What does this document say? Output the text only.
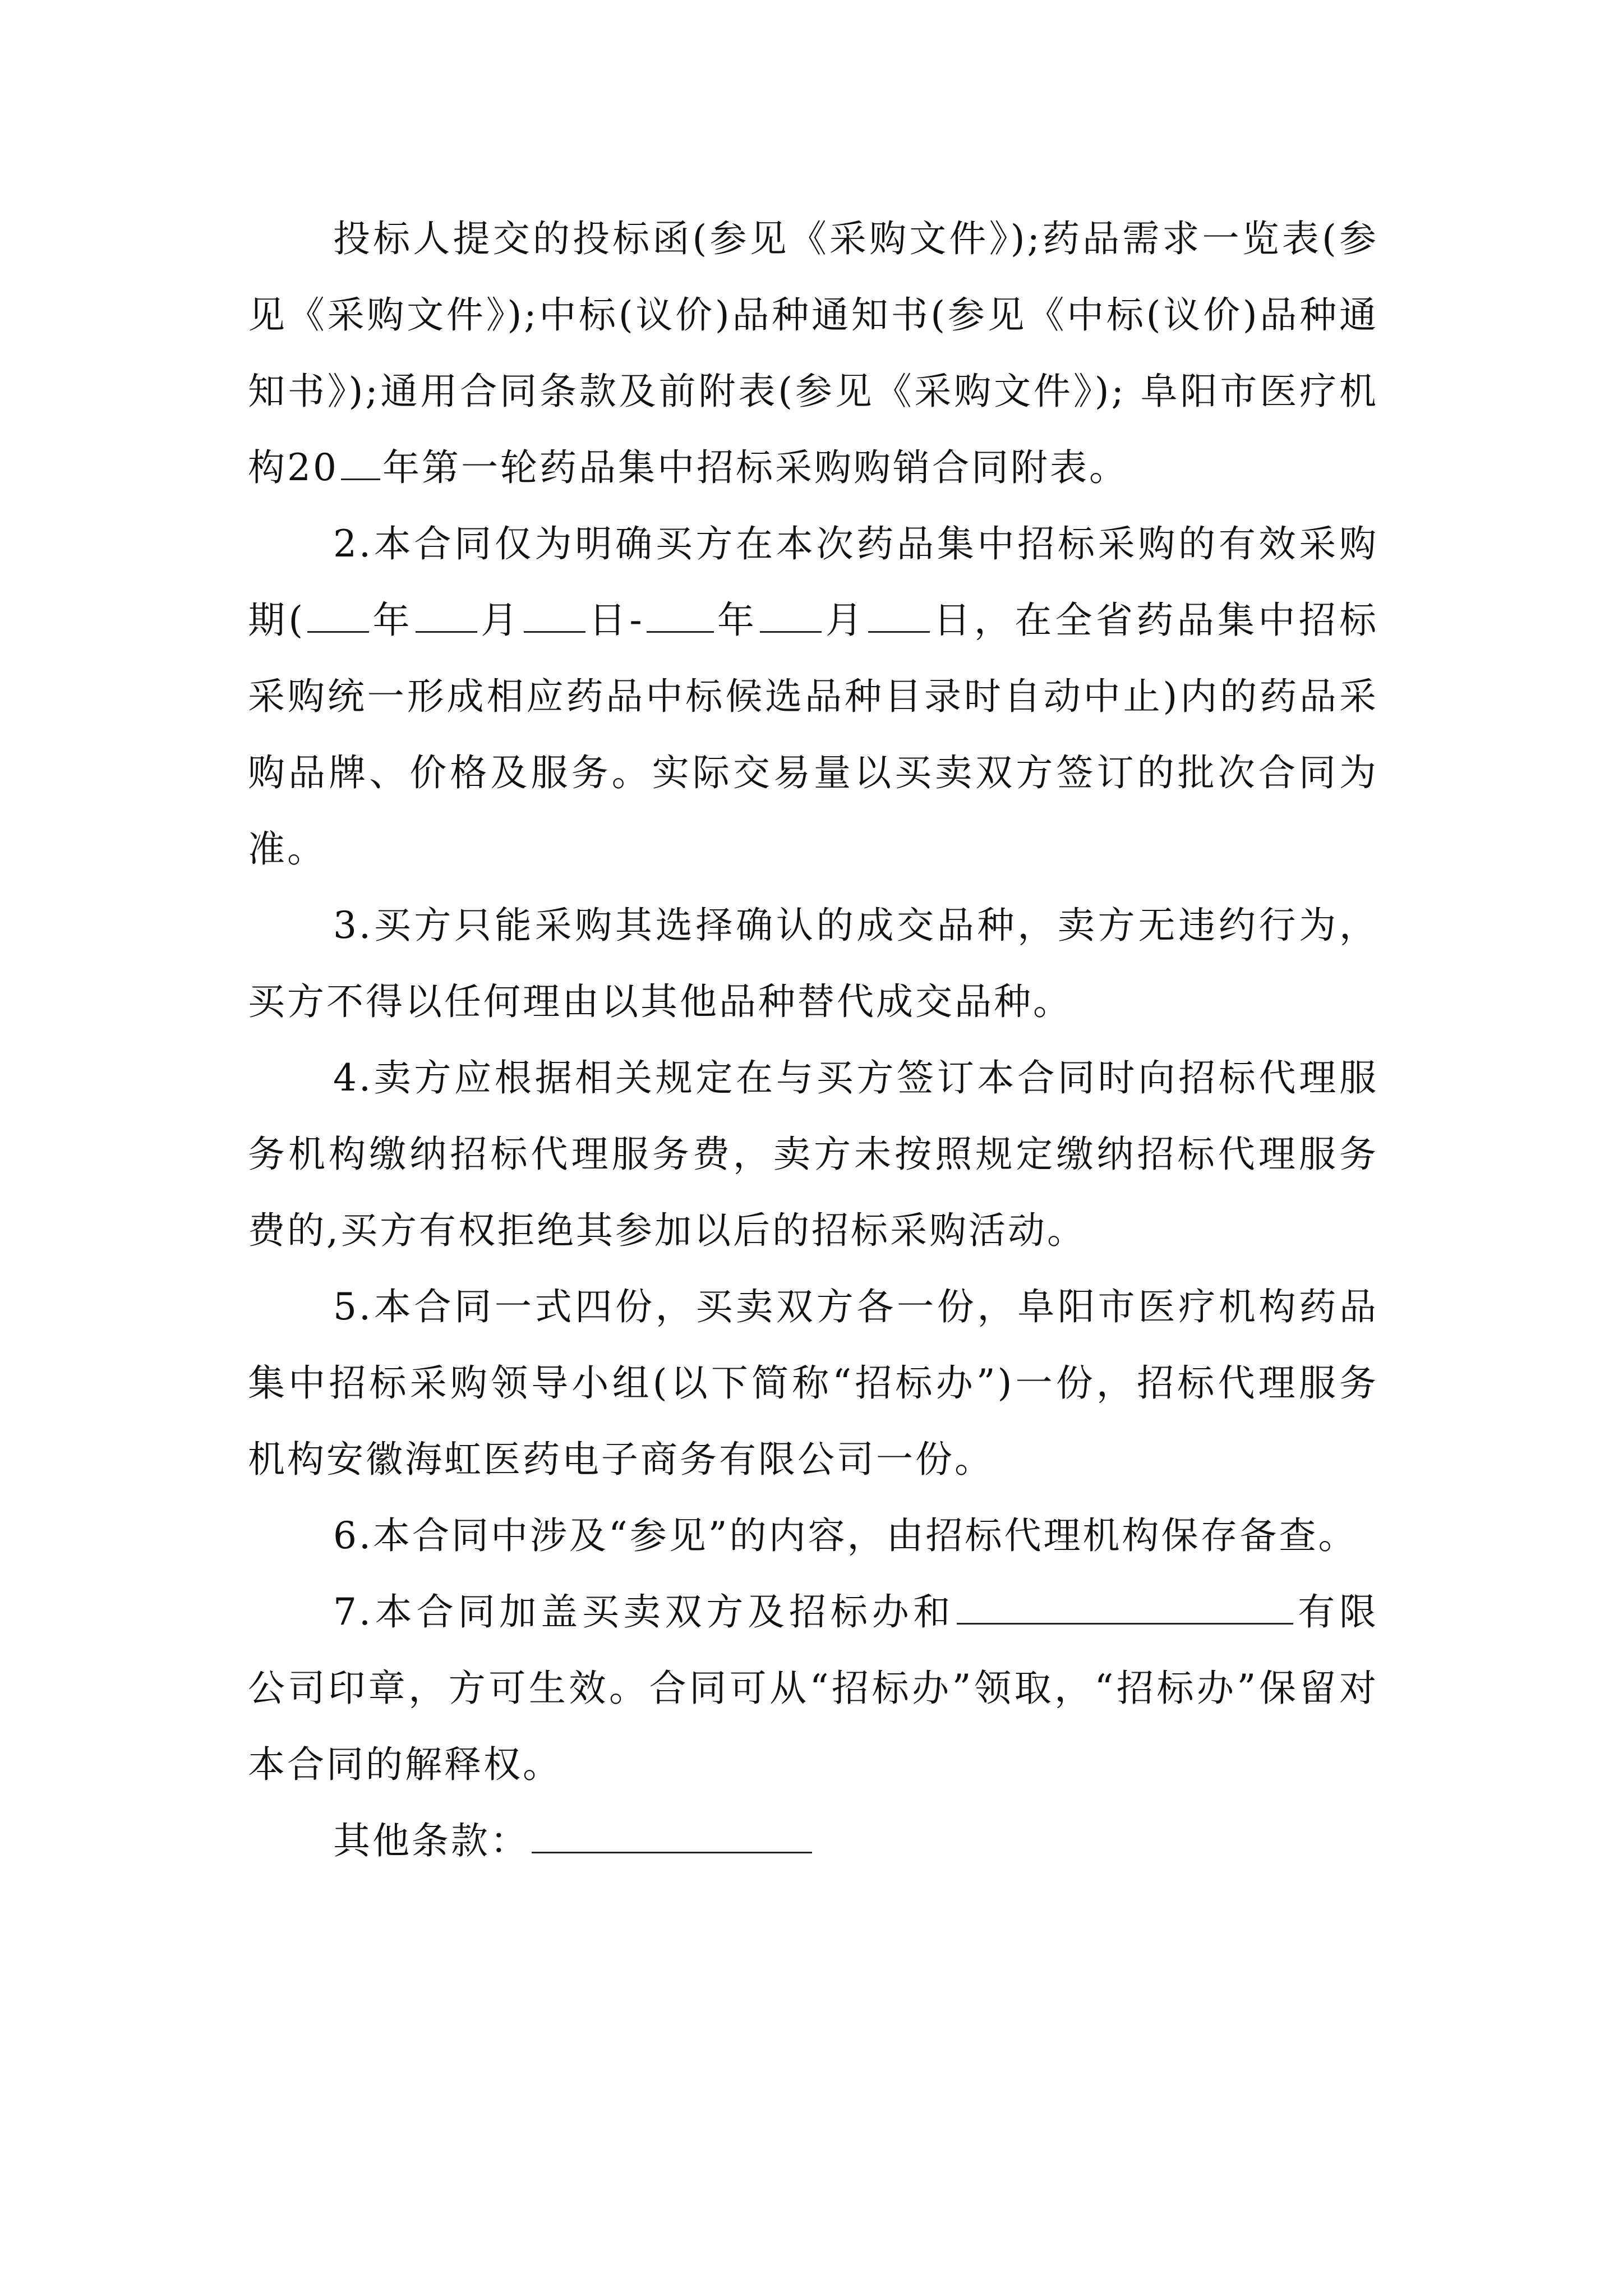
投标人提交的投标函(参见《采购文件》);药品需求一览表(参见《采购文件》);中标(议价)品种通知书(参见《中标(议价)品种通知书》);通用合同条款及前附表(参见《采购文件》); 阜阳市医疗机构20 年第一轮药品集中招标采购购销合同附表。

2.本合同仅为明确买方在本次药品集中招标采购的有效采购期( 年 月 日- 年 月 日，在全省药品集中招标采购统一形成相应药品中标候选品种目录时自动中止)内的药品采购品牌、价格及服务。实际交易量以买卖双方签订的批次合同为准。

3.买方只能采购其选择确认的成交品种，卖方无违约行为，买方不得以任何理由以其他品种替代成交品种。

4.卖方应根据相关规定在与买方签订本合同时向招标代理服务机构缴纳招标代理服务费，卖方未按照规定缴纳招标代理服务费的,买方有权拒绝其参加以后的招标采购活动。

5.本合同一式四份，买卖双方各一份，阜阳市医疗机构药品集中招标采购领导小组(以下简称“招标办”)一份，招标代理服务机构安徽海虹医药电子商务有限公司一份。

6.本合同中涉及“参见”的内容，由招标代理机构保存备查。

7.本合同加盖买卖双方及招标办和	有限公司印章，方可生效。合同可从“招标办”领取，“招标办”保留对本合同的解释权。

其他条款：
